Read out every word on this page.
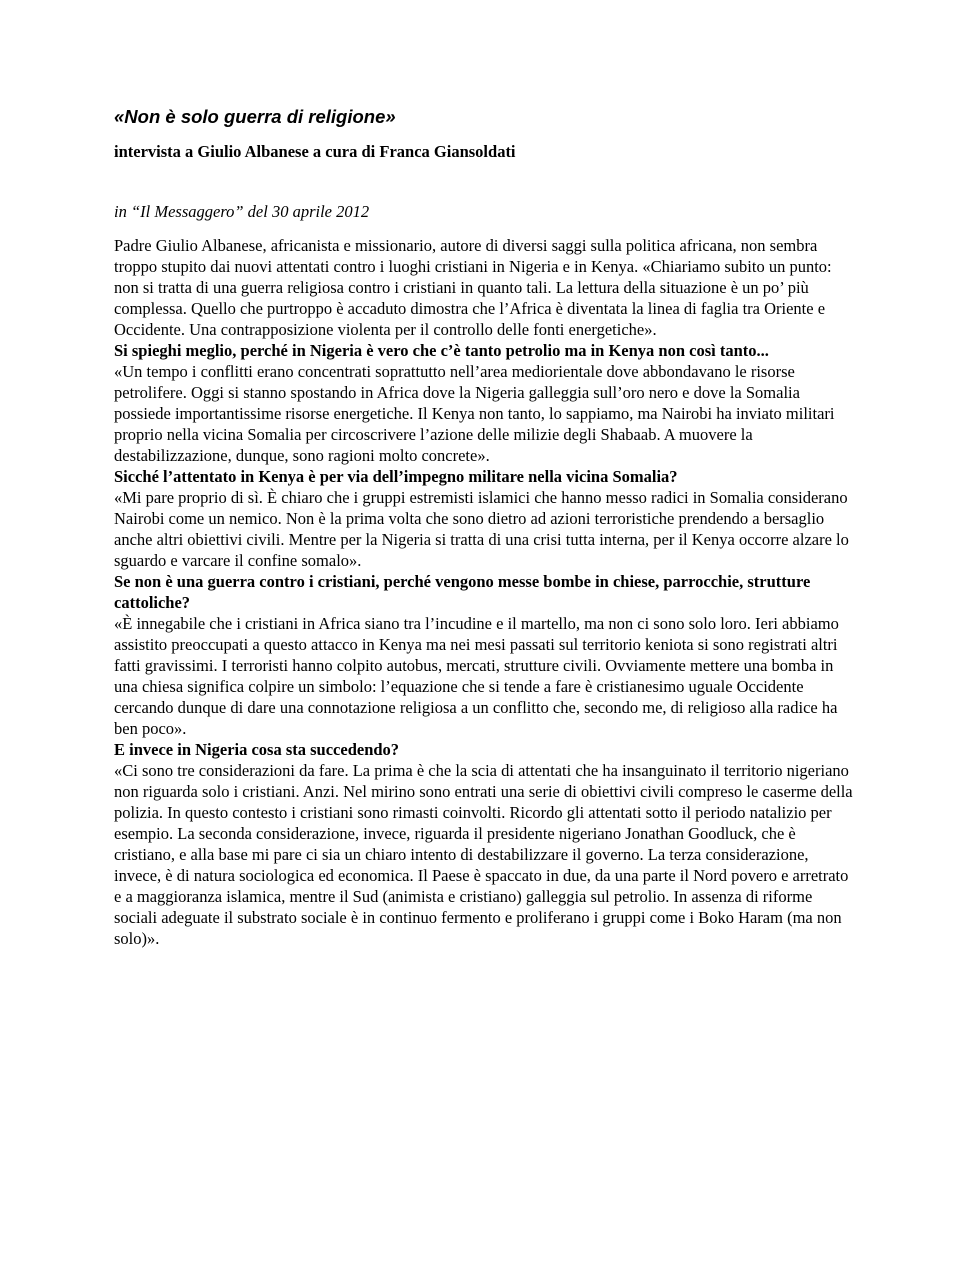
«Non è solo guerra di religione»
intervista a Giulio Albanese a cura di Franca Giansoldati
in “Il Messaggero” del 30 aprile 2012

Padre Giulio Albanese, africanista e missionario, autore di diversi saggi sulla politica africana, non sembra troppo stupito dai nuovi attentati contro i luoghi cristiani in Nigeria e in Kenya. «Chiariamo subito un punto: non si tratta di una guerra religiosa contro i cristiani in quanto tali. La lettura della situazione è un po’ più complessa. Quello che purtroppo è accaduto dimostra che l’Africa è diventata la linea di faglia tra Oriente e Occidente. Una contrapposizione violenta per il controllo delle fonti energetiche».

Si spieghi meglio, perché in Nigeria è vero che c’è tanto petrolio ma in Kenya non così tanto...

«Un tempo i conflitti erano concentrati soprattutto nell’area mediorientale dove abbondavano le risorse petrolifere. Oggi si stanno spostando in Africa dove la Nigeria galleggia sull’oro nero e dove la Somalia possiede importantissime risorse energetiche. Il Kenya non tanto, lo sappiamo, ma Nairobi ha inviato militari proprio nella vicina Somalia per circoscrivere l’azione delle milizie degli Shabaab. A muovere la destabilizzazione, dunque, sono ragioni molto concrete».

Sicché l’attentato in Kenya è per via dell’impegno militare nella vicina Somalia?

«Mi pare proprio di sì. È chiaro che i gruppi estremisti islamici che hanno messo radici in Somalia considerano Nairobi come un nemico. Non è la prima volta che sono dietro ad azioni terroristiche prendendo a bersaglio anche altri obiettivi civili. Mentre per la Nigeria si tratta di una crisi tutta interna, per il Kenya occorre alzare lo sguardo e varcare il confine somalo».

Se non è una guerra contro i cristiani, perché vengono messe bombe in chiese, parrocchie, strutture cattoliche?

«È innegabile che i cristiani in Africa siano tra l’incudine e il martello, ma non ci sono solo loro. Ieri abbiamo assistito preoccupati a questo attacco in Kenya ma nei mesi passati sul territorio keniota si sono registrati altri fatti gravissimi. I terroristi hanno colpito autobus, mercati, strutture civili. Ovviamente mettere una bomba in una chiesa significa colpire un simbolo: l’equazione che si tende a fare è cristianesimo uguale Occidente cercando dunque di dare una connotazione religiosa a un conflitto che, secondo me, di religioso alla radice ha ben poco».

E invece in Nigeria cosa sta succedendo?

«Ci sono tre considerazioni da fare. La prima è che la scia di attentati che ha insanguinato il territorio nigeriano non riguarda solo i cristiani. Anzi. Nel mirino sono entrati una serie di obiettivi civili compreso le caserme della polizia. In questo contesto i cristiani sono rimasti coinvolti. Ricordo gli attentati sotto il periodo natalizio per esempio. La seconda considerazione, invece, riguarda il presidente nigeriano Jonathan Goodluck, che è cristiano, e alla base mi pare ci sia un chiaro intento di destabilizzare il governo. La terza considerazione, invece, è di natura sociologica ed economica. Il Paese è spaccato in due, da una parte il Nord povero e arretrato e a maggioranza islamica, mentre il Sud (animista e cristiano) galleggia sul petrolio. In assenza di riforme sociali adeguate il substrato sociale è in continuo fermento e proliferano i gruppi come i Boko Haram (ma non solo)».
